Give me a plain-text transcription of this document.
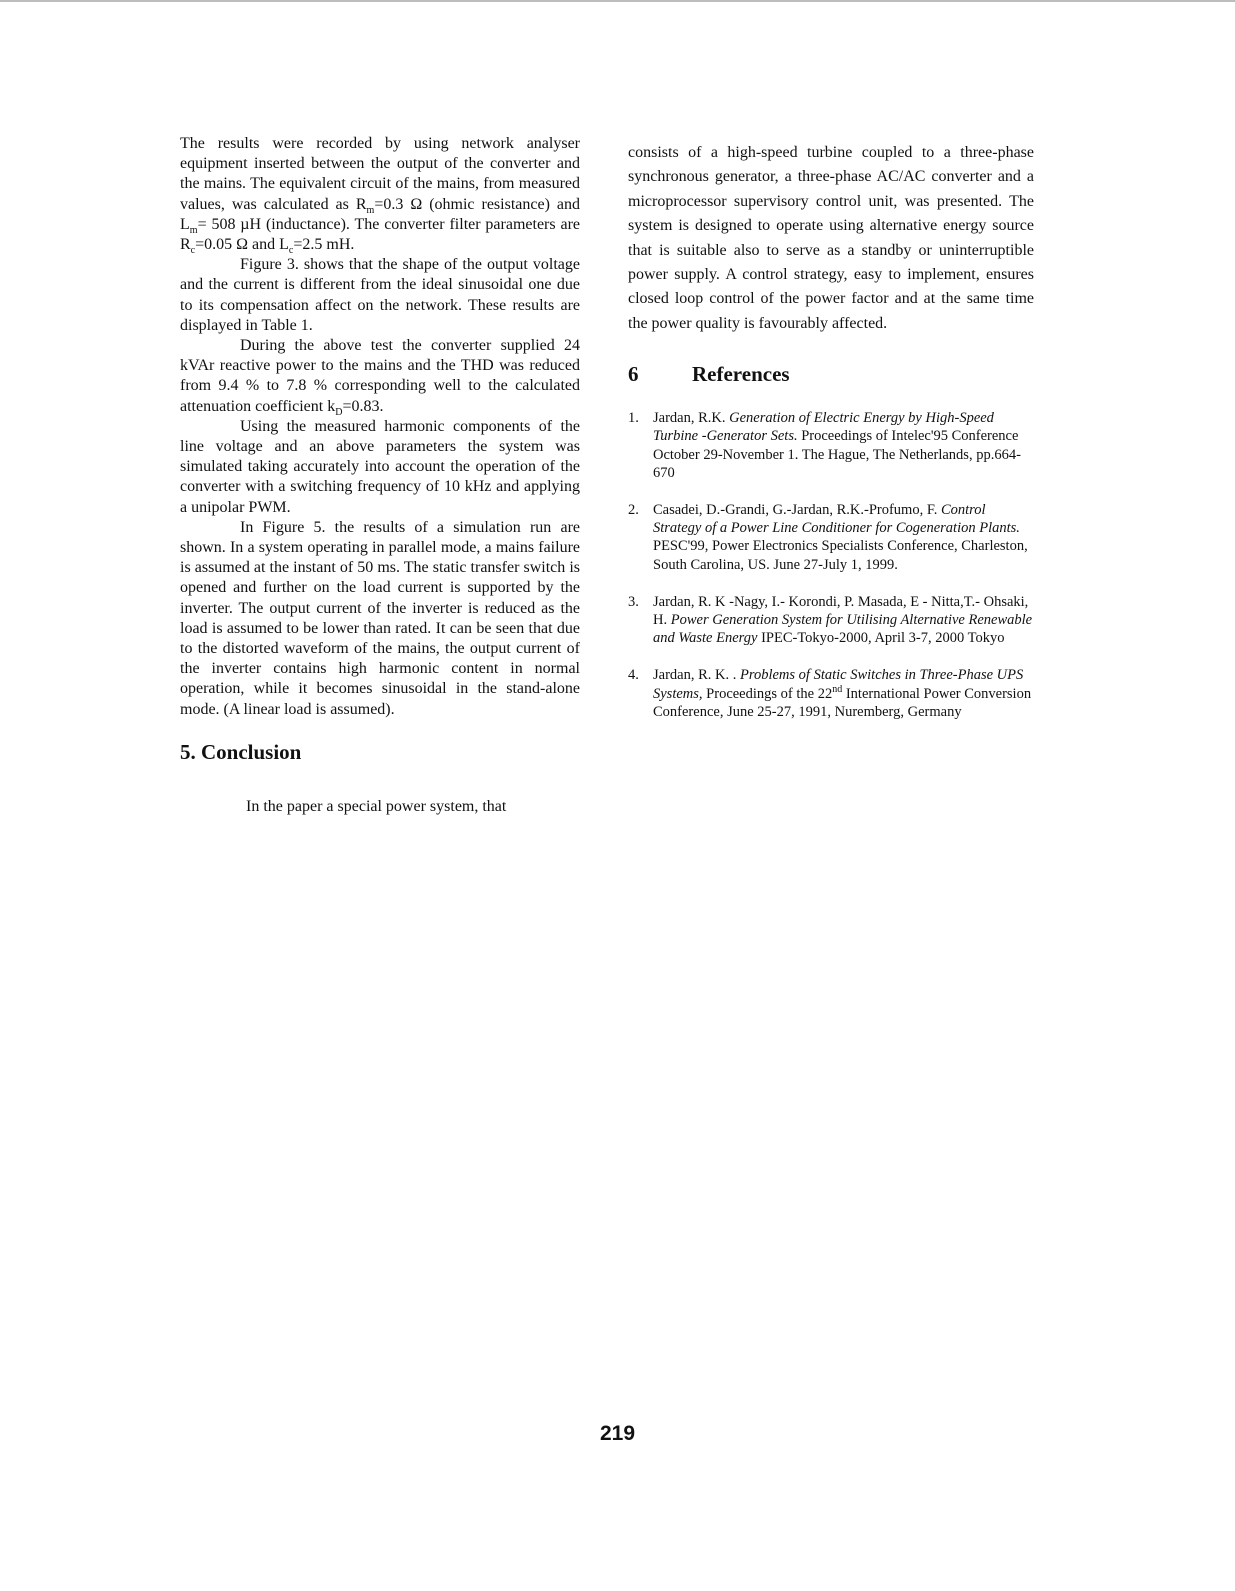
The results were recorded by using network analyser equipment inserted between the output of the converter and the mains. The equivalent circuit of the mains, from measured values, was calculated as $R_m=0.3$ Ω (ohmic resistance) and $L_m= 508$ µH (inductance). The converter filter parameters are $R_c=0.05$ Ω and $L_c=2.5$ mH.

Figure 3. shows that the shape of the output voltage and the current is different from the ideal sinusoidal one due to its compensation affect on the network. These results are displayed in Table 1.

During the above test the converter supplied 24 kVAr reactive power to the mains and the THD was reduced from 9.4 % to 7.8 % corresponding well to the calculated attenuation coefficient $k_D=0.83$.

Using the measured harmonic components of the line voltage and an above parameters the system was simulated taking accurately into account the operation of the converter with a switching frequency of 10 kHz and applying a unipolar PWM.

In Figure 5. the results of a simulation run are shown. In a system operating in parallel mode, a mains failure is assumed at the instant of 50 ms. The static transfer switch is opened and further on the load current is supported by the inverter. The output current of the inverter is reduced as the load is assumed to be lower than rated. It can be seen that due to the distorted waveform of the mains, the output current of the inverter contains high harmonic content in normal operation, while it becomes sinusoidal in the stand-alone mode. (A linear load is assumed).

5. Conclusion

In the paper a special power system, that

consists of a high-speed turbine coupled to a three-phase synchronous generator, a three-phase AC/AC converter and a microprocessor supervisory control unit, was presented. The system is designed to operate using alternative energy source that is suitable also to serve as a standby or uninterruptible power supply. A control strategy, easy to implement, ensures closed loop control of the power factor and at the same time the power quality is favourably affected.

6	References
1. Jardan, R.K. Generation of Electric Energy by High-Speed Turbine -Generator Sets. Proceedings of Intelec'95 Conference October 29-November 1. The Hague, The Netherlands, pp.664-670
2. Casadei, D.-Grandi, G.-Jardan, R.K.-Profumo, F. Control Strategy of a Power Line Conditioner for Cogeneration Plants. PESC'99, Power Electronics Specialists Conference, Charleston, South Carolina, US. June 27-July 1, 1999.
3. Jardan, R. K -Nagy, I.- Korondi, P. Masada, E - Nitta,T.- Ohsaki, H. Power Generation System for Utilising Alternative Renewable and Waste Energy IPEC-Tokyo-2000, April 3-7, 2000 Tokyo
4. Jardan, R. K. . Problems of Static Switches in Three-Phase UPS Systems, Proceedings of the 22nd International Power Conversion Conference, June 25-27, 1991, Nuremberg, Germany
219
